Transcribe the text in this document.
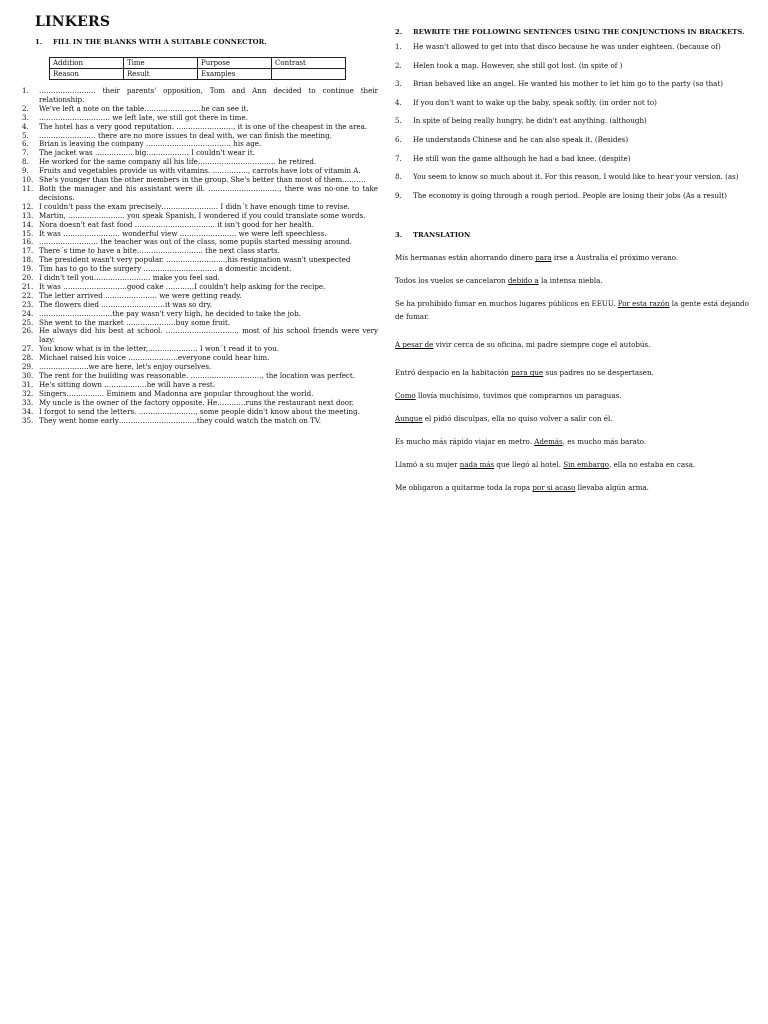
LINKERS
1.	FILL IN THE BLANKS WITH A SUITABLE CONNECTOR.
Addition	Time	Purpose	Contrast
Reason	Result	Examples	
1.	…………………… their parents' opposition, Tom and Ann decided to continue their relationship.
2.	We've left a note on the table……………………he can see it.
3.	………………………… we left late, we still got there in time.
4.	The hotel has a very good reputation. ……………………, it is one of the cheapest in the area.
5.	…………………… there are no more issues to deal with, we can finish the meeting.
6.	Brian is leaving the company ……………………………… his age.
7.	The jacket was ……………. big……………… I couldn't wear it.
8.	He worked for the same company all his life…………………………… he retired.
9.	Fruits and vegetables provide us with vitamins. ……………, carrots have lots of vitamin A.
10. She's younger than the other members in the group. She's better than most of them……….
11. Both the manager and his assistant were ill. …………………………, there was no-one to take decisions.
12. I couldn't pass the exam precisely…………………… I didn´t have enough time to revise.
13. Martin, …………………… you speak Spanish, I wondered if you could translate some words.
14. Nora doesn't eat fast food ……………………………. it isn't good for her health.
15. It was …………………… wonderful view …………………… we were left speechless.
16. ……………………. the teacher was out of the class, some pupils started messing around.
17. There´s time to have a bite………………………. the next class starts.
18. The president wasn't very popular. …………………….,his resignation wasn't unexpected
19. Tim has to go to the surgery …………………………. a domestic incident.
20. I didn't tell you…………………… make you feel sad.
21. It was ………………………good cake …………I couldn't help asking for the recipe.
22. The letter arrived …………………. we were getting ready.
23. The flowers died ………………………it was so dry.
24. ………………………….the pay wasn't very high, he decided to take the job.
25. She went to the market …………………buy some fruit.
26. He always did his best at school. …………………………, most of his school friends were very lazy.
27. You know what is in the letter,………………… I won´t read it to you.
28. Michael raised his voice …………………everyone could hear him.
29. …………………we are here, let's enjoy ourselves.
30. The rent for the building was reasonable. …………………………, the location was perfect.
31. He's sitting down ………………he will have a rest.
32. Singers……………. Eminem and Madonna are popular throughout the world.
33. My uncle is the owner of the factory opposite. He…………runs the restaurant next door.
34. I forgot to send the letters. ……………………, some people didn't know about the meeting.
35. They went home early……………………………they could watch the match on TV.
2.	REWRITE THE FOLLOWING SENTENCES USING THE CONJUNCTIONS IN BRACKETS.
1.	He wasn't allowed to get into that disco because he was under eighteen. (because of)
2.	Helen took a map. However, she still got lost. (in spite of )
3.	Brian behaved like an angel. He wanted his mother to let him go to the party (so that)
4.	If you don't want to wake up the baby, speak softly. (in order not to)
5.	In spite of being really hungry, he didn't eat anything. (although)
6.	He understands Chinese and he can also speak it. (Besides)
7.	He still won the game although he had a bad knee. (despite)
8.	You seem to know so much about it. For this reason, I would like to hear your version. (as)
9.	The economy is going through a rough period. People are losing their jobs (As a result)
3.	TRANSLATION

Mis hermanas están ahorrando dinero para irse a Australia el próximo verano.

Todos los vuelos se cancelaron debido a la intensa niebla.

Se ha prohibido fumar en muchos lugares públicos en EEUU. Por esta razón la gente está dejando de fumar.

A pesar de vivir cerca de su oficina, mi padre siempre coge el autobús.

Entró despacio en la habitación para que sus padres no se despertasen.

Como llovía muchísimo, tuvimos que comprarnos un paraguas.

Aunque el pidió disculpas, ella no quiso volver a salir con él.

Es mucho más rápido viajar en metro. Además, es mucho más barato.

Llamó a su mujer nada más que llegó al hotel. Sin embargo, ella no estaba en casa.

Me obligaron a quitarme toda la ropa por si acaso llevaba algún arma.
